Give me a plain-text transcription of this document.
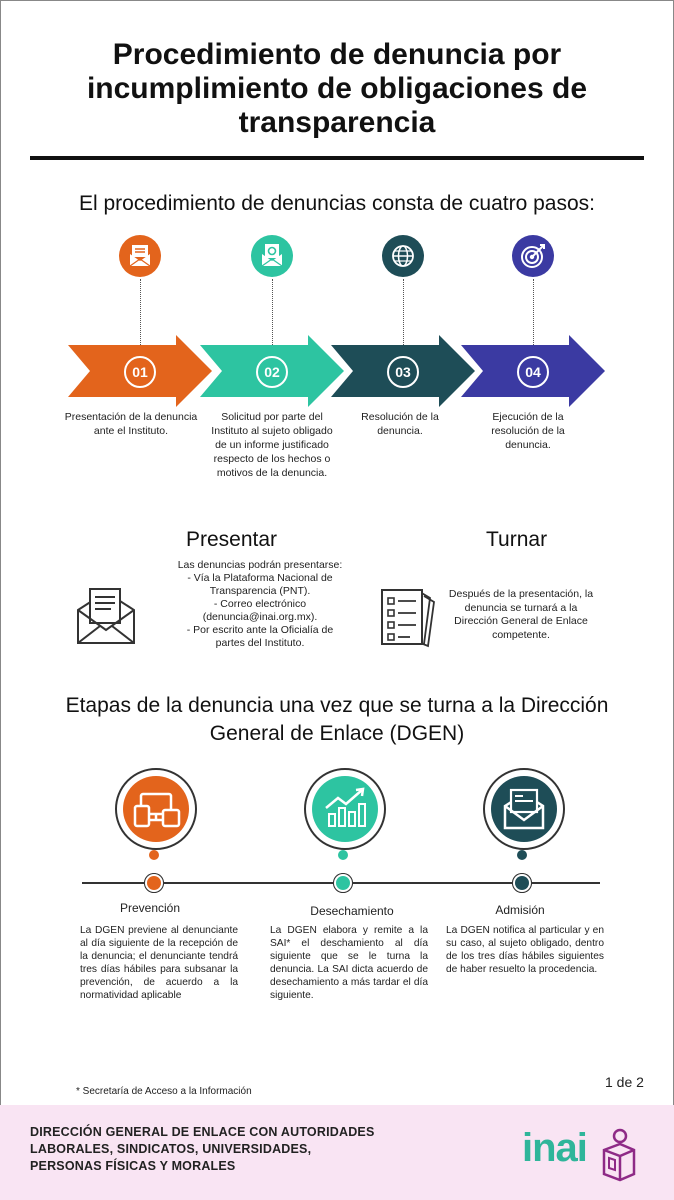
Procedimiento de denuncia por incumplimiento de obligaciones de transparencia
El procedimiento de denuncias consta de cuatro pasos:
01	02	03	04
Presentación de la denuncia ante el Instituto.
Solicitud por parte del Instituto al sujeto obligado de un informe justificado respecto de los hechos o motivos de la denuncia.
Resolución de la denuncia.
Ejecución de la resolución de la denuncia.
Presentar
Las denuncias podrán presentarse:
- Vía la Plataforma Nacional de
Transparencia (PNT).
- Correo electrónico
(denuncia@inai.org.mx).
- Por escrito ante la Oficialía de
partes del Instituto.
Turnar
Después de la presentación, la denuncia se turnará a la Dirección General de Enlace competente.
Etapas de la denuncia una vez que se turna a la Dirección General de Enlace (DGEN)
Prevención	Desechamiento	Admisión
La DGEN previene al denunciante al día siguiente de la recepción de la denuncia; el denunciante tendrá tres días hábiles para subsanar la prevención, de acuerdo a la normatividad aplicable
La DGEN elabora y remite a la SAI* el deschamiento al día siguiente que se le turna la denuncia. La SAI dicta acuerdo de desechamiento a más tardar el día siguiente.
La DGEN notifica al particular y en su caso, al sujeto obligado, dentro de los tres días hábiles siguientes de haber resuelto la procedencia.
* Secretaría de Acceso a la Información
1 de 2
DIRECCIÓN GENERAL DE ENLACE CON AUTORIDADES
LABORALES, SINDICATOS, UNIVERSIDADES,
PERSONAS FÍSICAS Y MORALES	inai
